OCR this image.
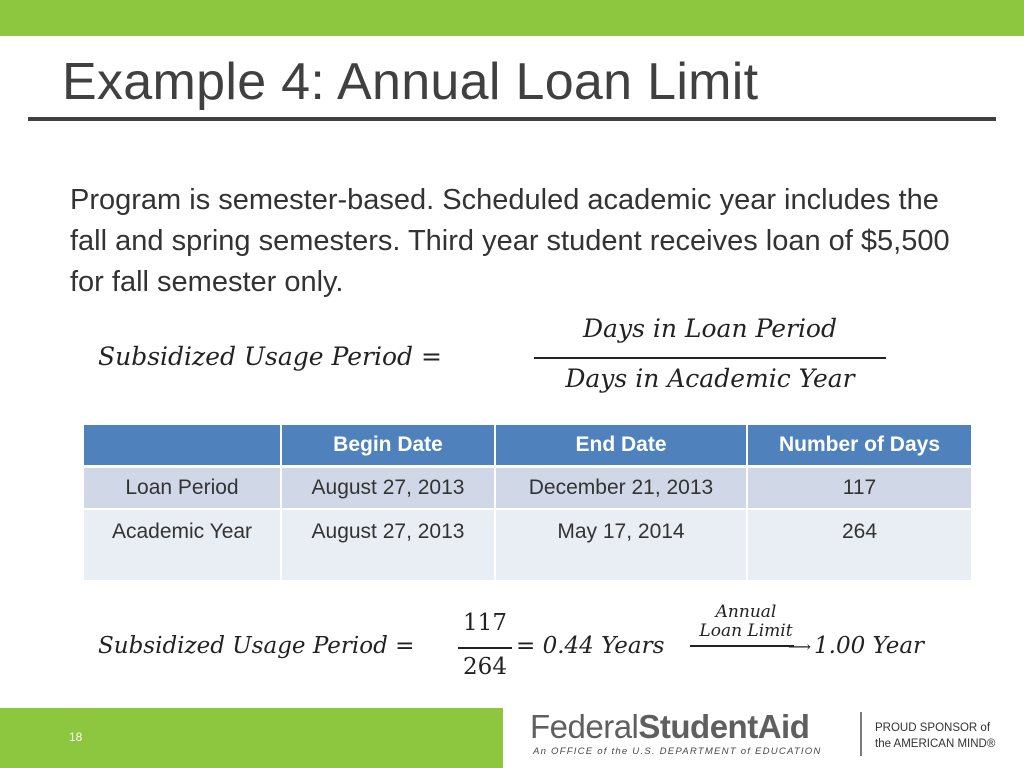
Example 4: Annual Loan Limit
Program is semester-based. Scheduled academic year includes the fall and spring semesters. Third year student receives loan of $5,500 for fall semester only.
Subsidized Usage Period =
Days in Loan Period
Days in Academic Year
	Begin Date	End Date	Number of Days
Loan Period	August 27, 2013	December 21, 2013	117
Academic Year	August 27, 2013	May 17, 2014	264
Subsidized Usage Period =
117
264
= 0.44 Years
Annual
Loan Limit
⟶ 1.00 Year
18	FederalStudentAid
An OFFICE of the U.S. DEPARTMENT of EDUCATION
PROUD SPONSOR of
the AMERICAN MIND®
